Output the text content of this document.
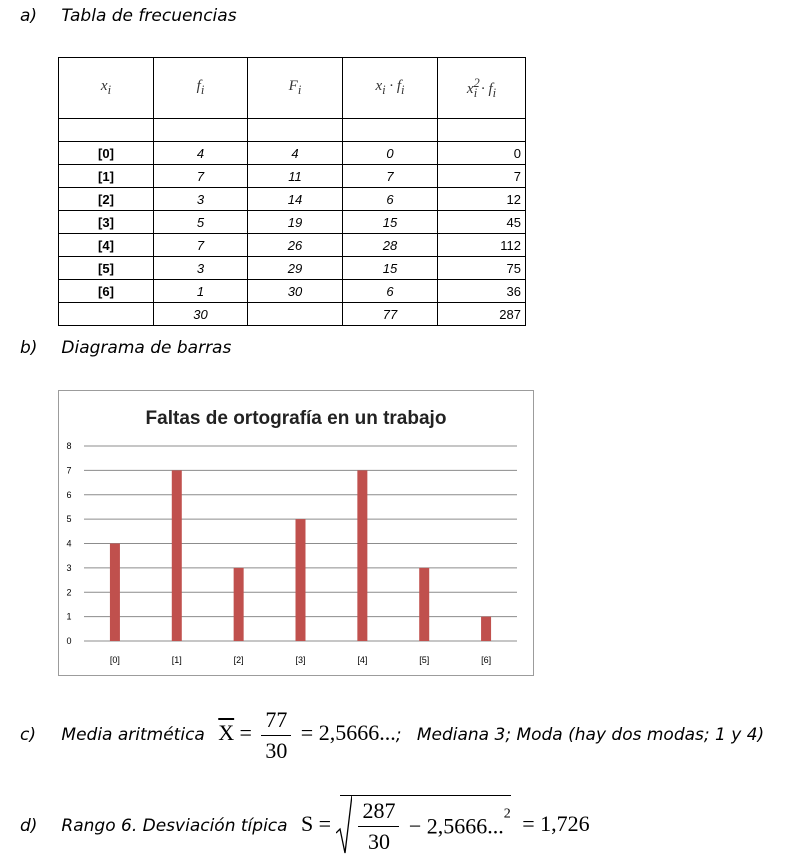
a) Tabla de frecuencias
$x_i$	$f_i$	$F_i$	$x_i \cdot f_i$	$x^2_i \cdot f_i$

[0]	4	4	0	0
[1]	7	11	7	7
[2]	3	14	6	12
[3]	5	19	15	45
[4]	7	26	28	112
[5]	3	29	15	75
[6]	1	30	6	36
	30		77	287
b) Diagrama de barras
Faltas de ortografía en un trabajo
0
1
2
3
4
5
6
7
8
[0]	[1]	[2]	[3]	[4]	[5]	[6]
c) Media aritmética $\overline{X} = \frac{77}{30} = 2,5666$...; Mediana 3; Moda (hay dos modas; 1 y 4)
d) Rango 6. Desviación típica $S = \frac{287}{30} - 2,5666...^2 = 1,726$
